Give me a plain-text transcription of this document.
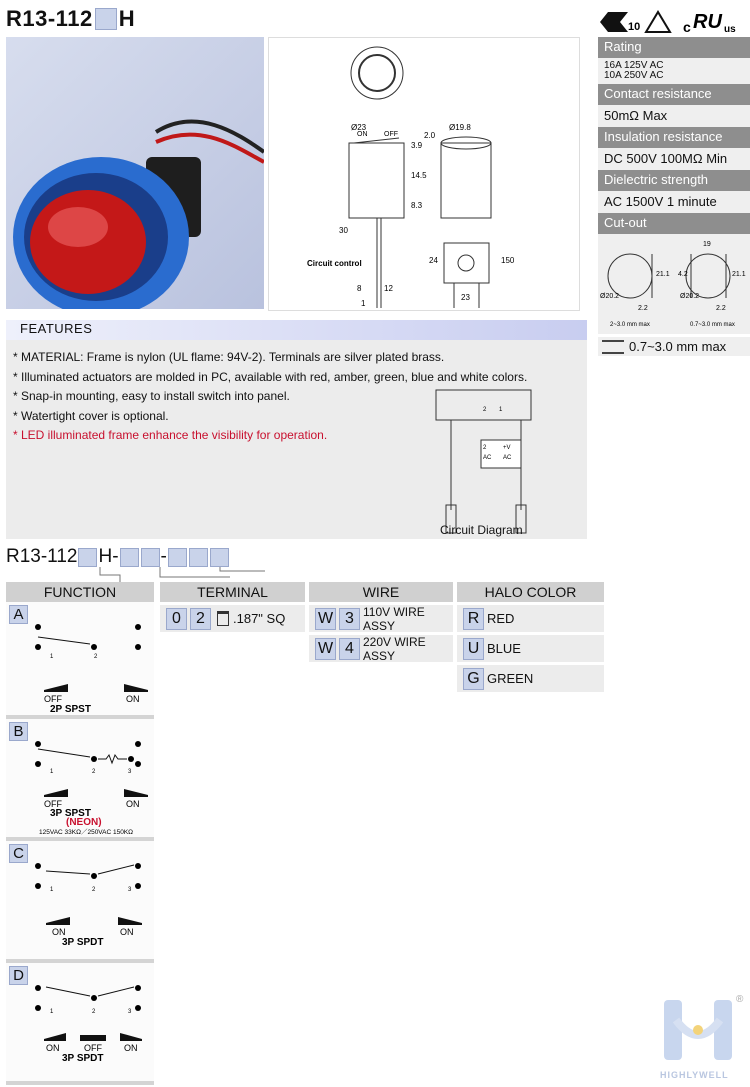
R13-112 H
Ø23	Ø19.8
ON OFF
3.9
2.0
14.5
8.3
30
24	150
23
8	12
1
Circuit control
10	c RU us
Rating
16A 125V AC
10A 250V AC
Contact resistance
50mΩ Max
Insulation resistance
DC 500V 100MΩ Min
Dielectric strength
AC 1500V 1 minute
Cut-out
19
21.1 4.2	21.1
Ø20.2	Ø20.2
2.2	2.2
2~3.0 mm max	0.7~3.0 mm max
0.7~3.0 mm max
FEATURES
* MATERIAL: Frame is nylon (UL flame: 94V-2). Terminals are silver plated brass.
* Illuminated actuators are molded in PC, available with red, amber, green, blue and white colors.
* Snap-in mounting, easy to install switch into panel.
* Watertight cover is optional.
* LED illuminated frame enhance the visibility for operation.
2 1
2	+V
AC AC
Circuit Diagram
R13-112 H- -
FUNCTION
A
1	2
OFF	ON
2P SPST
B
1	2	3
OFF	ON
3P SPST
(NEON)
125VAC 33KΩ／250VAC 150KΩ
C
1	2	3
ON	ON
3P SPDT
D
1	2	3
ON	OFF ON
3P SPDT
TERMINAL
0 2	.187" SQ
WIRE
W 3 110V WIRE ASSY
W 4 220V WIRE ASSY
HALO COLOR
R RED
U BLUE
G GREEN
®
HIGHLYWELL
